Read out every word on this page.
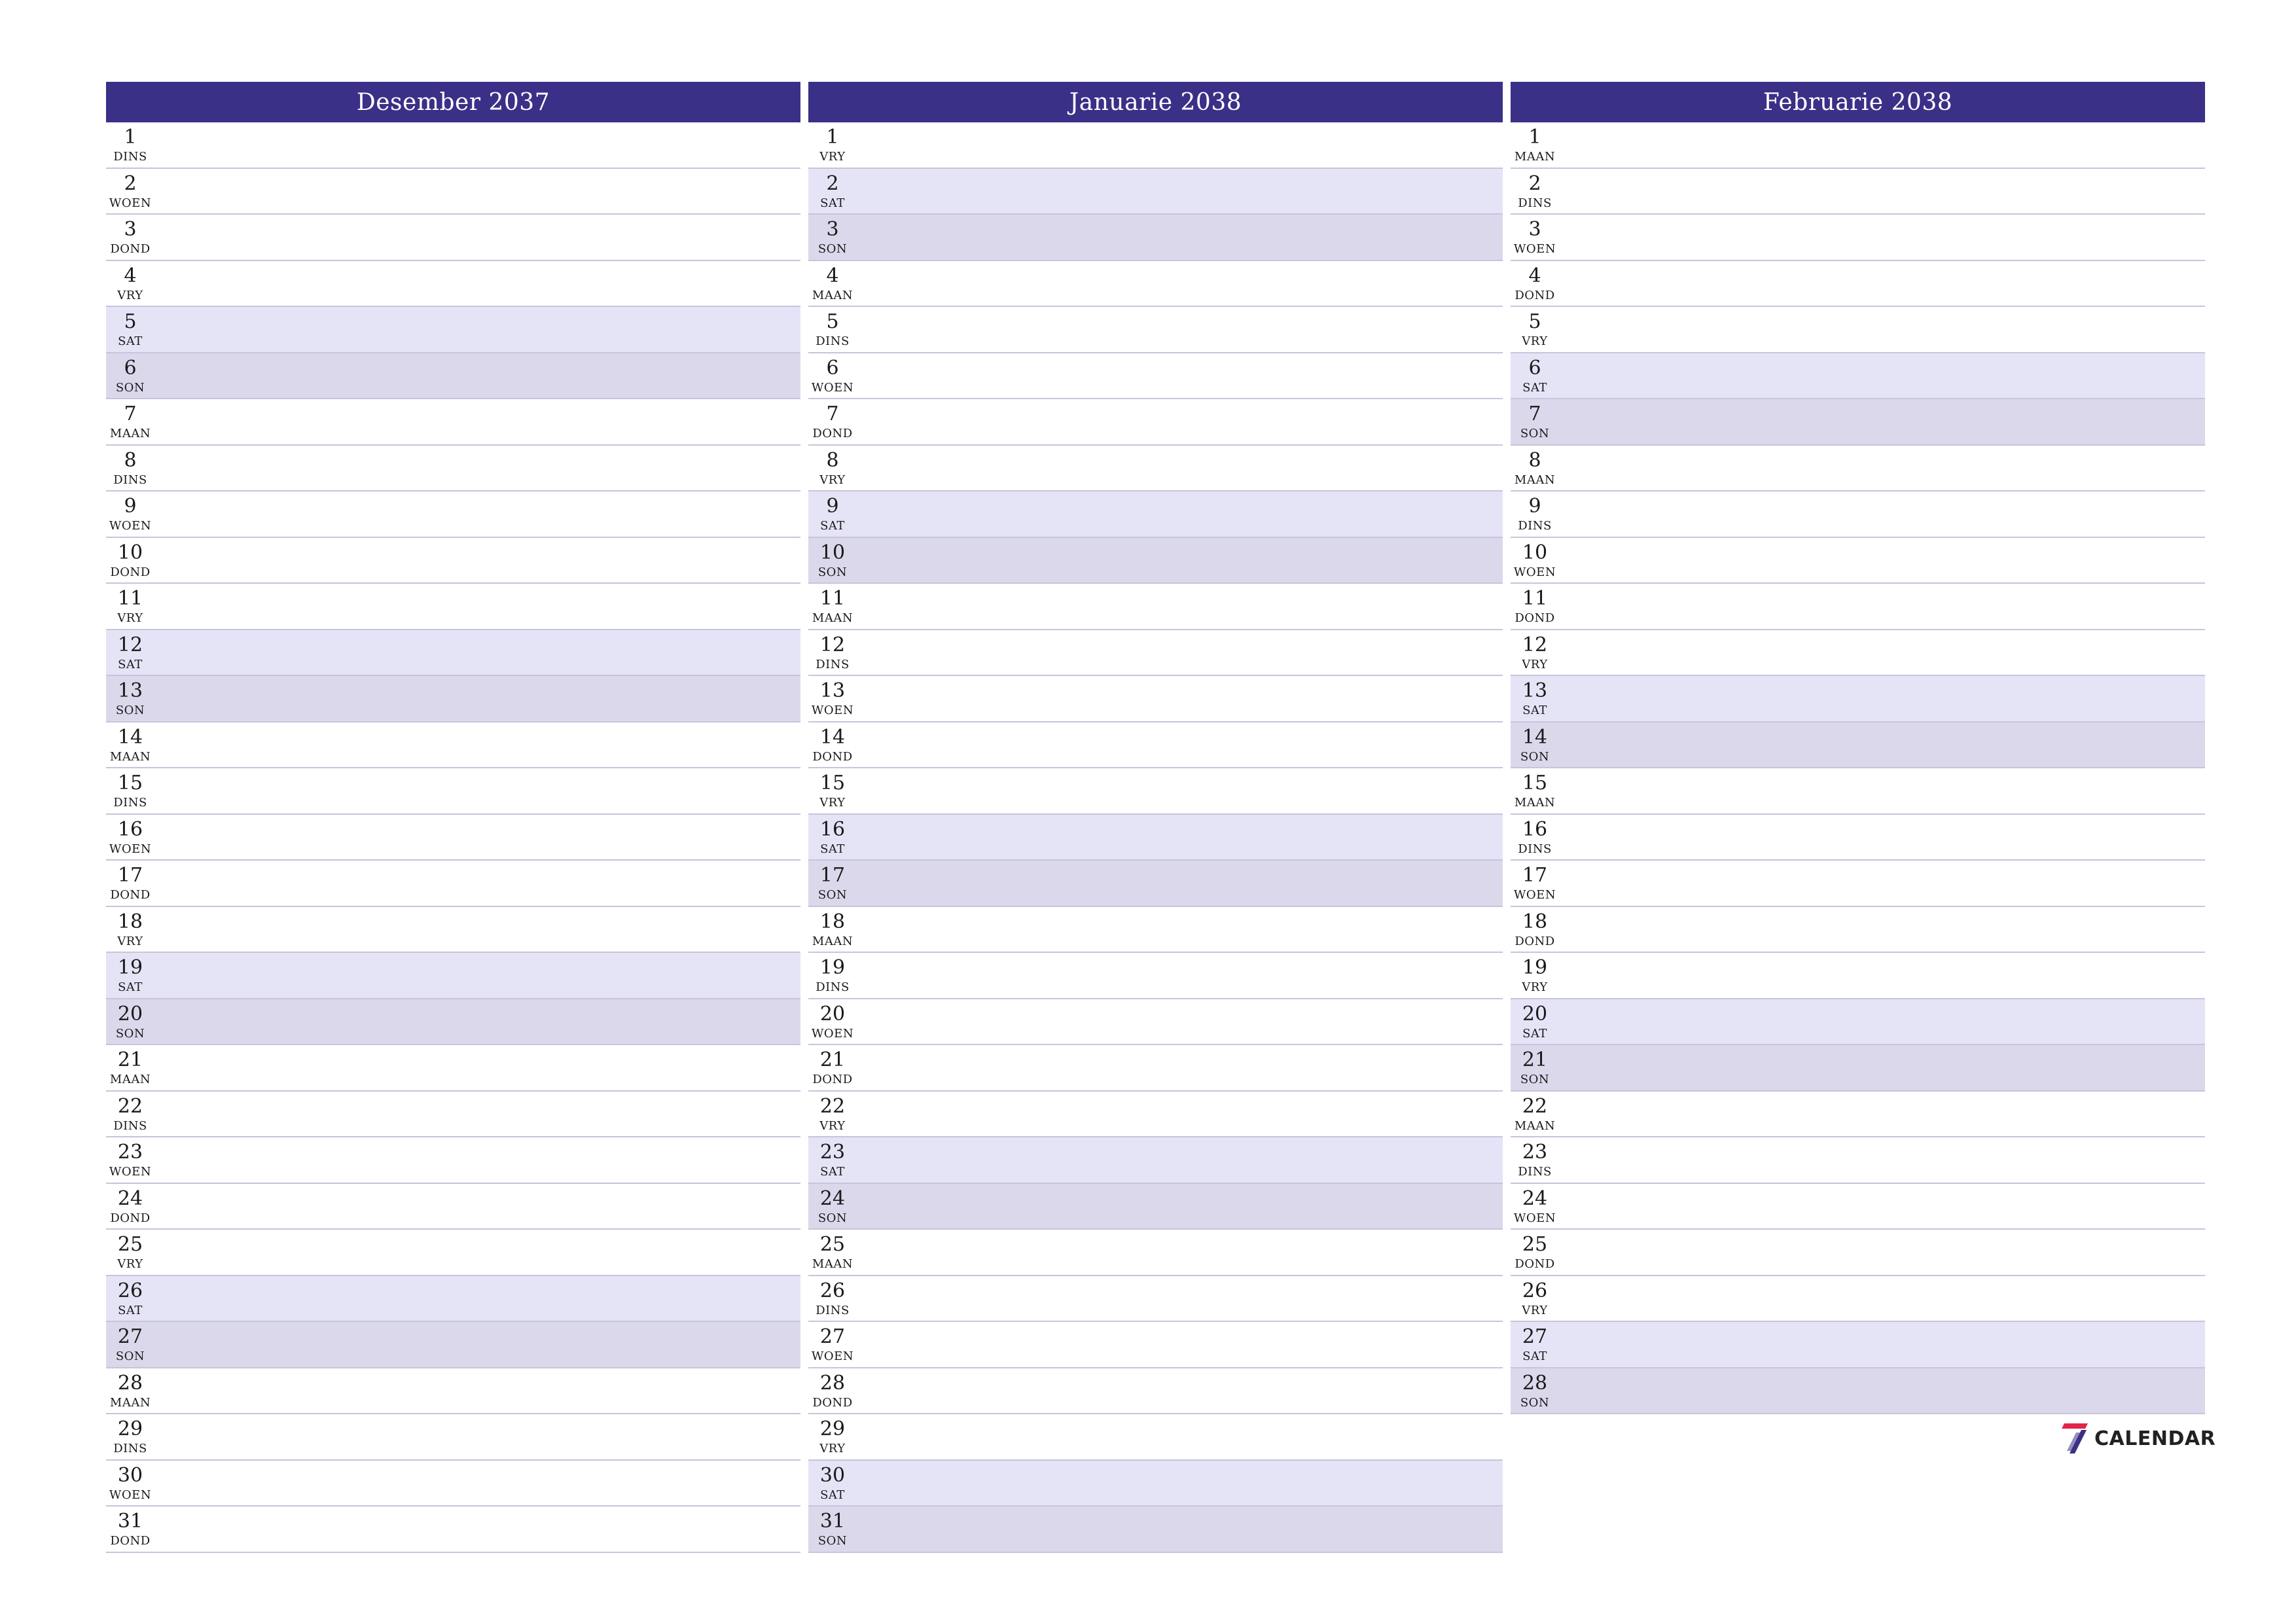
Desember 2037
1
DINS
2
WOEN
3
DOND
4
VRY
5
SAT
6
SON
7
MAAN
8
DINS
9
WOEN
10
DOND
11
VRY
12
SAT
13
SON
14
MAAN
15
DINS
16
WOEN
17
DOND
18
VRY
19
SAT
20
SON
21
MAAN
22
DINS
23
WOEN
24
DOND
25
VRY
26
SAT
27
SON
28
MAAN
29
DINS
30
WOEN
31
DOND
Januarie 2038
1
VRY
2
SAT
3
SON
4
MAAN
5
DINS
6
WOEN
7
DOND
8
VRY
9
SAT
10
SON
11
MAAN
12
DINS
13
WOEN
14
DOND
15
VRY
16
SAT
17
SON
18
MAAN
19
DINS
20
WOEN
21
DOND
22
VRY
23
SAT
24
SON
25
MAAN
26
DINS
27
WOEN
28
DOND
29
VRY
30
SAT
31
SON
Februarie 2038
1
MAAN
2
DINS
3
WOEN
4
DOND
5
VRY
6
SAT
7
SON
8
MAAN
9
DINS
10
WOEN
11
DOND
12
VRY
13
SAT
14
SON
15
MAAN
16
DINS
17
WOEN
18
DOND
19
VRY
20
SAT
21
SON
22
MAAN
23
DINS
24
WOEN
25
DOND
26
VRY
27
SAT
28
SON
CALENDAR
